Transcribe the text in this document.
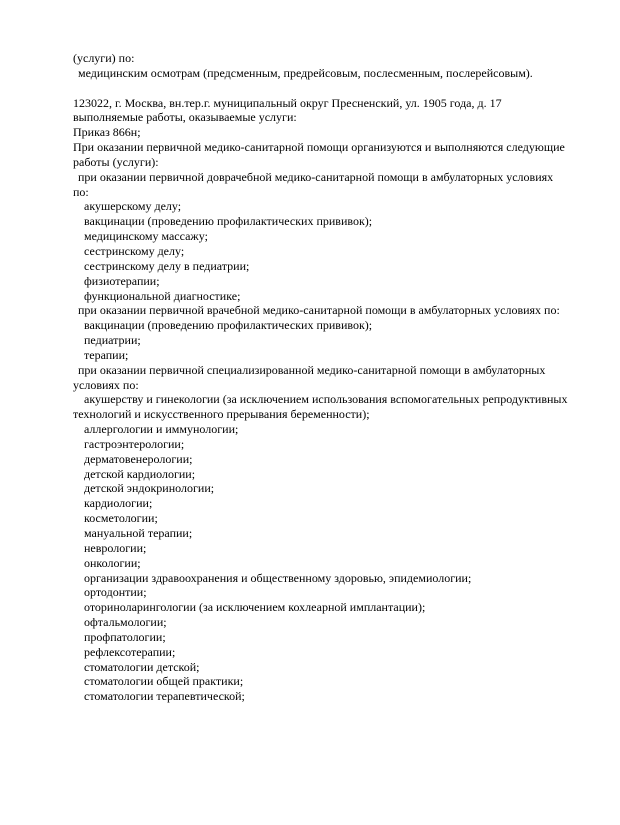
(услуги) по:
медицинским осмотрам (предсменным, предрейсовым, послесменным, послерейсовым).
123022, г. Москва, вн.тер.г. муниципальный округ Пресненский, ул. 1905 года, д. 17
выполняемые работы, оказываемые услуги:
Приказ 866н;
При оказании первичной медико-санитарной помощи организуются и выполняются следующие
работы (услуги):
при оказании первичной доврачебной медико-санитарной помощи в амбулаторных условиях
по:
акушерскому делу;
вакцинации (проведению профилактических прививок);
медицинскому массажу;
сестринскому делу;
сестринскому делу в педиатрии;
физиотерапии;
функциональной диагностике;
при оказании первичной врачебной медико-санитарной помощи в амбулаторных условиях по:
вакцинации (проведению профилактических прививок);
педиатрии;
терапии;
при оказании первичной специализированной медико-санитарной помощи в амбулаторных
условиях по:
акушерству и гинекологии (за исключением использования вспомогательных репродуктивных
технологий и искусственного прерывания беременности);
аллергологии и иммунологии;
гастроэнтерологии;
дерматовенерологии;
детской кардиологии;
детской эндокринологии;
кардиологии;
косметологии;
мануальной терапии;
неврологии;
онкологии;
организации здравоохранения и общественному здоровью, эпидемиологии;
ортодонтии;
оториноларингологии (за исключением кохлеарной имплантации);
офтальмологии;
профпатологии;
рефлексотерапии;
стоматологии детской;
стоматологии общей практики;
стоматологии терапевтической;
